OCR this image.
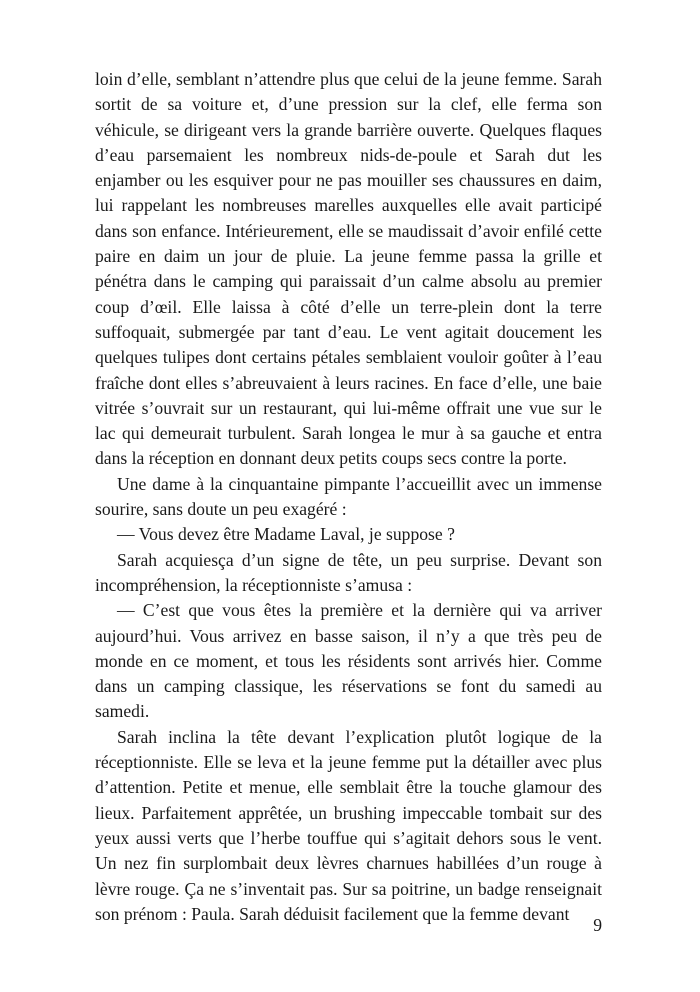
loin d’elle, semblant n’attendre plus que celui de la jeune femme. Sarah sortit de sa voiture et, d’une pression sur la clef, elle ferma son véhicule, se dirigeant vers la grande barrière ouverte. Quelques flaques d’eau parsemaient les nombreux nids-de-poule et Sarah dut les enjamber ou les esquiver pour ne pas mouiller ses chaussures en daim, lui rappelant les nombreuses marelles auxquelles elle avait participé dans son enfance. Intérieurement, elle se maudissait d’avoir enfilé cette paire en daim un jour de pluie. La jeune femme passa la grille et pénétra dans le camping qui paraissait d’un calme absolu au premier coup d’œil. Elle laissa à côté d’elle un terre-plein dont la terre suffoquait, submergée par tant d’eau. Le vent agitait doucement les quelques tulipes dont certains pétales semblaient vouloir goûter à l’eau fraîche dont elles s’abreuvaient à leurs racines. En face d’elle, une baie vitrée s’ouvrait sur un restaurant, qui lui-même offrait une vue sur le lac qui demeurait turbulent. Sarah longea le mur à sa gauche et entra dans la réception en donnant deux petits coups secs contre la porte.

Une dame à la cinquantaine pimpante l’accueillit avec un immense sourire, sans doute un peu exagéré :

— Vous devez être Madame Laval, je suppose ?

Sarah acquiesça d’un signe de tête, un peu surprise. Devant son incompréhension, la réceptionniste s’amusa :

— C’est que vous êtes la première et la dernière qui va arriver aujourd’hui. Vous arrivez en basse saison, il n’y a que très peu de monde en ce moment, et tous les résidents sont arrivés hier. Comme dans un camping classique, les réservations se font du samedi au samedi.

Sarah inclina la tête devant l’explication plutôt logique de la réceptionniste. Elle se leva et la jeune femme put la détailler avec plus d’attention. Petite et menue, elle semblait être la touche glamour des lieux. Parfaitement apprêtée, un brushing impeccable tombait sur des yeux aussi verts que l’herbe touffue qui s’agitait dehors sous le vent. Un nez fin surplombait deux lèvres charnues habillées d’un rouge à lèvre rouge. Ça ne s’inventait pas. Sur sa poitrine, un badge renseignait son prénom : Paula. Sarah déduisit facilement que la femme devant

9
